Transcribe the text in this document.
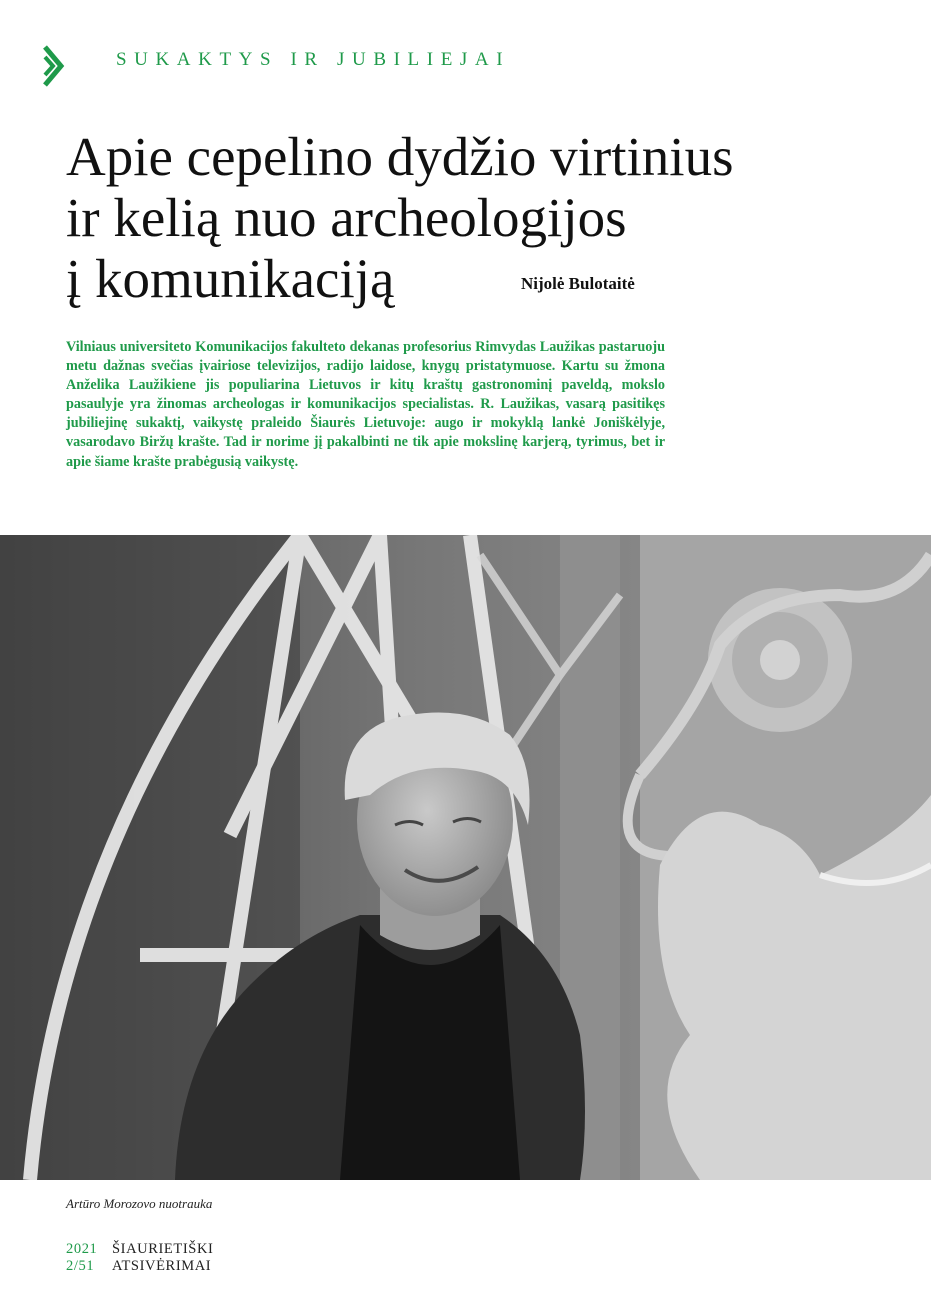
SUKAKTYS IR JUBILIEJAI
Apie cepelino dydžio virtinius
ir kelią nuo archeologijos
į komunikaciją	Nijolė Bulotaitė

Vilniaus universiteto Komunikacijos fakulteto dekanas profesorius Rimvydas Laužikas pastaruoju metu dažnas svečias įvairiose televizijos, radijo laidose, knygų pristatymuose. Kartu su žmona Anželika Laužikiene jis populiarina Lietuvos ir kitų kraštų gastronominį paveldą, mokslo pasaulyje yra žinomas archeologas ir komunikacijos specialistas. R. Laužikas, vasarą pasitikęs jubiliejinę sukaktį, vaikystę praleido Šiaurės Lietuvoje: augo ir mokyklą lankė Joniškėlyje, vasarodavo Biržų krašte. Tad ir norime jį pakalbinti ne tik apie mokslinę karjerą, tyrimus, bet ir apie šiame krašte prabėgusią vaikystę.

Artūro Morozovo nuotrauka
2021	ŠIAURIETIŠKI
2/51	ATSIVĖRIMAI
